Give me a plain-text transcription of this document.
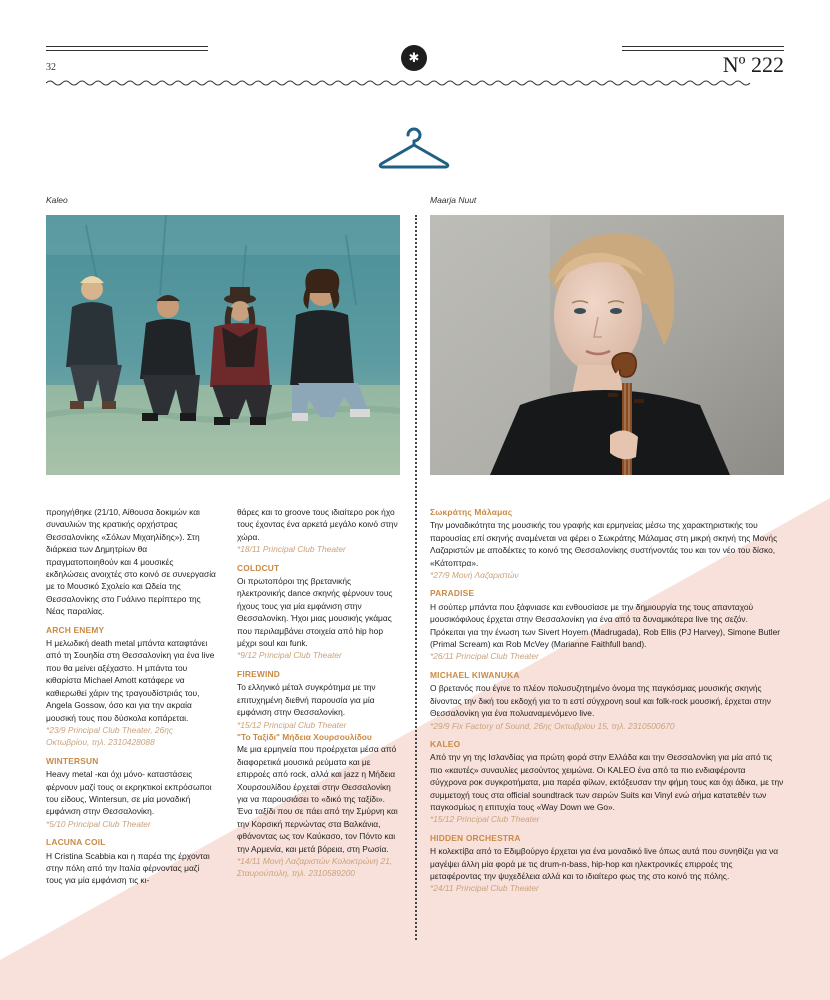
32
✱	Nº 222
Kaleo	Maarja Nuut

προηγήθηκε (21/10, Αίθουσα δοκιμών και συναυλιών της κρατικής ορχήστρας Θεσσαλονίκης «Σόλων Μιχαηλίδης»). Στη διάρκεια των Δημητρίων θα πραγματοποιηθούν και 4 μουσικές εκδηλώσεις ανοιχτές στο κοινό σε συνεργασία με το Μουσικό Σχολείο και Ωδεία της Θεσσαλονίκης στο Γυάλινο περίπτερο της Νέας παραλίας.

ARCH ENEMY

Η μελωδική death metal μπάντα καταφτάνει από τη Σουηδία στη Θεσσαλονίκη για ένα live που θα μείνει αξέχαστο. Η μπάντα του κιθαρίστα Michael Amott κατάφερε να καθιερωθεί χάριν της τραγουδίστριάς του, Angela Gossow, όσο και για την ακραία μουσική τους που δύσκολα κοπάρεται.

*23/9 Principal Club Theater, 26ης Οκτωβρίου, τηλ. 2310428088
WINTERSUN

Heavy metal -και όχι μόνο- καταστάσεις φέρνουν μαζί τους οι εκρηκτικοί εκπρόσωποι του είδους, Wintersun, σε μία μοναδική εμφάνιση στην Θεσσαλονίκη.

*5/10 Principal Club Theater
LACUNA COIL

Η Cristina Scabbia και η παρέα της έρχονται στην πόλη από την Ιταλία φέρνοντας μαζί τους για μία εμφάνιση τις κι-

θάρες και το groove τους ιδιαίτερο ροκ ήχο τους έχοντας ένα αρκετά μεγάλο κοινό στην χώρα.

*18/11 Principal Club Theater
COLDCUT

Οι πρωτοπόροι της βρετανικής ηλεκτρονικής dance σκηνής φέρνουν τους ήχους τους για μία εμφάνιση στην Θεσσαλονίκη. Ήχοι μιας μουσικής γκάμας που περιλαμβάνει στοιχεία από hip hop μέχρι soul και funk.

*9/12 Principal Club Theater
FIREWIND

Το ελληνικό μέταλ συγκρότημα με την επιτυχημένη διεθνή παρουσία για μία εμφάνιση στην Θεσσαλονίκη.

*15/12 Principal Club Theater
"Το Ταξίδι" Μήδεια Χουρσουλίδου

Με μια ερμηνεία που προέρχεται μέσα από διαφορετικά μουσικά ρεύματα και με επιρροές από rock, αλλά και jazz η Μήδεια Χουρσουλίδου έρχεται στην Θεσσαλονίκη για να παρουσιάσει το «δικό της ταξίδι». Ένα ταξίδι που σε πάει από την Σμύρνη και την Κορσική περνώντας στα Βαλκάνια, φθάνοντας ως τον Καύκασο, τον Πόντο και την Αρμενία, και μετά βόρεια, στη Ρωσία.

*14/11 Μονή Λαζαριστών Κολοκτρώνη 21, Σταυρούπολη, τηλ. 2310589200
Σωκράτης Μάλαμας

Την μοναδικότητα της μουσικής του γραφής και ερμηνείας μέσω της χαρακτηριστικής του παρουσίας επί σκηνής αναμένεται να φέρει ο Σωκράτης Μάλαμας στη μικρή σκηνή της Μονής Λαζαριστών με αποδέκτες το κοινό της Θεσσαλονίκης συστήνοντάς του και τον νέο του δίσκο, «Κάτοπτρα».

*27/9 Μονή Λαζαριστών
PARADISE

Η σούπερ μπάντα που ξάφνιασε και ενθουσίασε με την δημιουργία της τους απανταχού μουσικόφιλους έρχεται στην Θεσσαλονίκη για ένα από τα δυναμικότερα live της σεζόν. Πρόκειται για την ένωση των Sivert Hoyem (Madrugada), Rob Ellis (PJ Harvey), Simone Butler (Primal Scream) και Rob McVey (Marianne Faithfull band).

*26/11 Principal Club Theater
MICHAEL KIWANUKA

Ο βρετανός που έγινε το πλέον πολυσυζητημένο όνομα της παγκόσμιας μουσικής σκηνής δίνοντας την δική του εκδοχή για το τι εστί σύγχρονη soul και folk-rock μουσική, έρχεται στην Θεσσαλονίκη για ένα πολυαναμενόμενο live.

*29/9 Fix Factory of Sound, 26ης Οκτωβρίου 15, τηλ. 2310500670
KALEO

Από την γη της Ισλανδίας για πρώτη φορά στην Ελλάδα και την Θεσσαλονίκη για μία από τις πιο «καυτές» συναυλίες μεσούντος χειμώνα. Οι KALEO ένα από τα πιο ενδιαφέροντα σύγχρονα ροκ συγκροτήματα, μια παρέα φίλων, εκτόξευσαν την φήμη τους και όχι άδικα, με την συμμετοχή τους στα official soundtrack των σειρών Suits και Vinyl ενώ σήμα κατατεθέν των παγκοσμίως η επιτυχία τους «Way Down we Go».

*15/12 Principal Club Theater
HIDDEN ORCHESTRA

Η κολεκτίβα από το Εδιμβούργο έρχεται για ένα μοναδικό live όπως αυτά που συνηθίζει για να μαγέψει άλλη μία φορά με τις drum-n-bass, hip-hop και ηλεκτρονικές επιρροές της μεταφέροντας την ψυχεδέλεια αλλά και το ιδιαίτερο φως της στο κοινό της πόλης.

*24/11 Principal Club Theater
